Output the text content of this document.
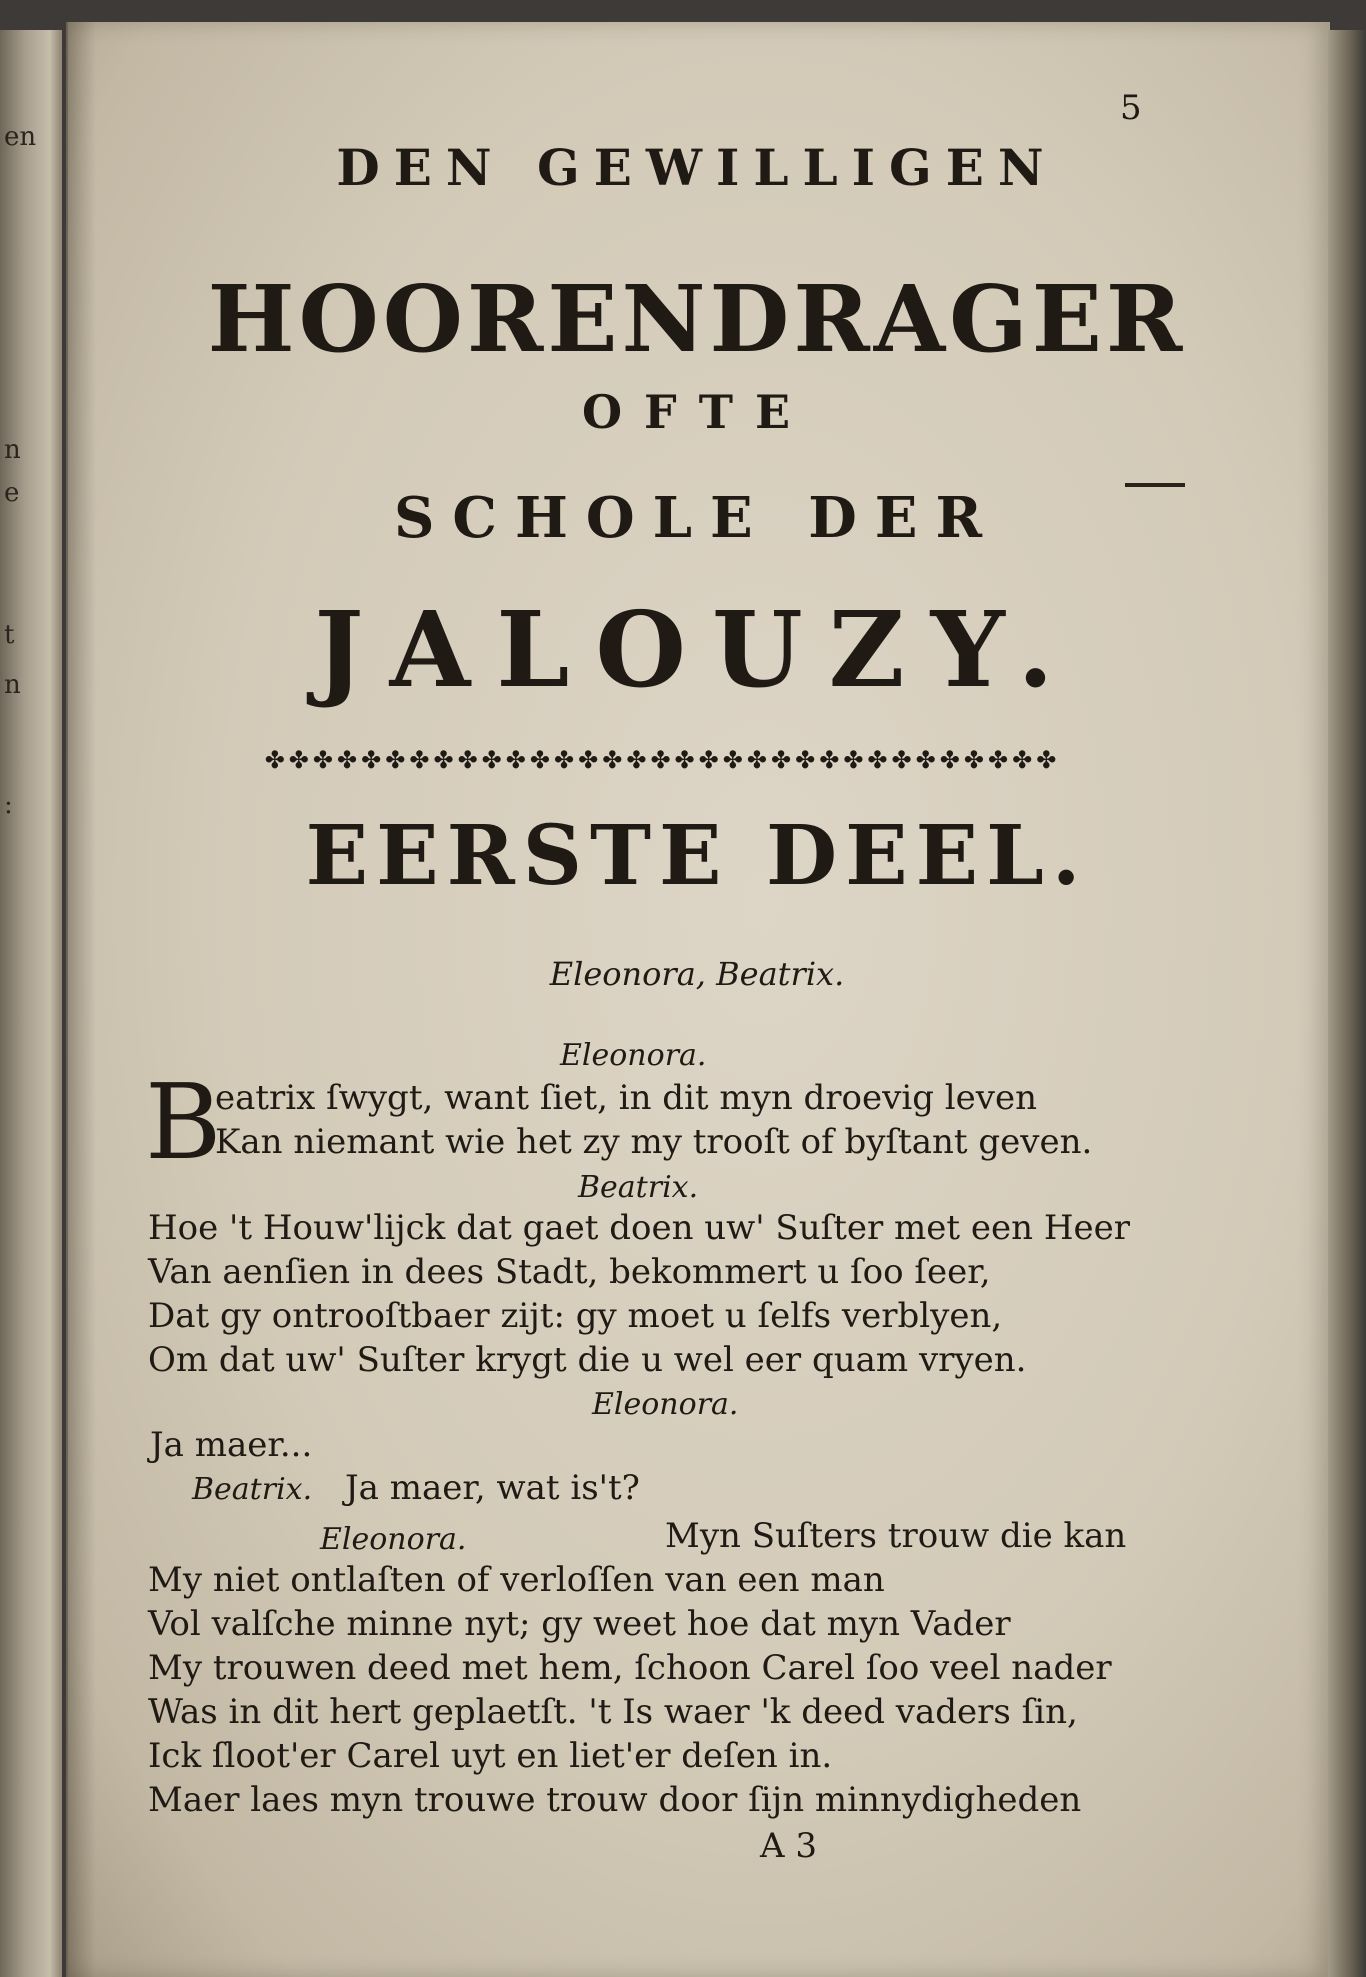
en
n
e
t
n
:
5
DEN GEWILLIGEN
HOORENDRAGER
OFTE
SCHOLE DER
JALOUZY.
✤✤✤✤✤✤✤✤✤✤✤✤✤✤✤✤✤✤✤✤✤✤✤✤✤✤✤✤✤✤✤✤✤
EERSTE DEEL.
Eleonora, Beatrix.
Eleonora.
B
eatrix ſwygt, want ſiet, in dit myn droevig leven
Kan niemant wie het zy my trooſt of byſtant geven.
Beatrix.
Hoe 't Houw'lijck dat gaet doen uw' Suſter met een Heer
Van aenſien in dees Stadt, bekommert u ſoo ſeer,
Dat gy ontrooſtbaer zijt: gy moet u ſelfs verblyen,
Om dat uw' Suſter krygt die u wel eer quam vryen.
Eleonora.
Ja maer...
Beatrix. Ja maer, wat is't?
Eleonora.	Myn Suſters trouw die kan
My niet ontlaſten of verloſſen van een man
Vol valſche minne nyt; gy weet hoe dat myn Vader
My trouwen deed met hem, ſchoon Carel ſoo veel nader
Was in dit hert geplaetſt. 't Is waer 'k deed vaders ſin,
Ick ſloot'er Carel uyt en liet'er deſen in.
Maer laes myn trouwe trouw door ſijn minnydigheden
A 3
